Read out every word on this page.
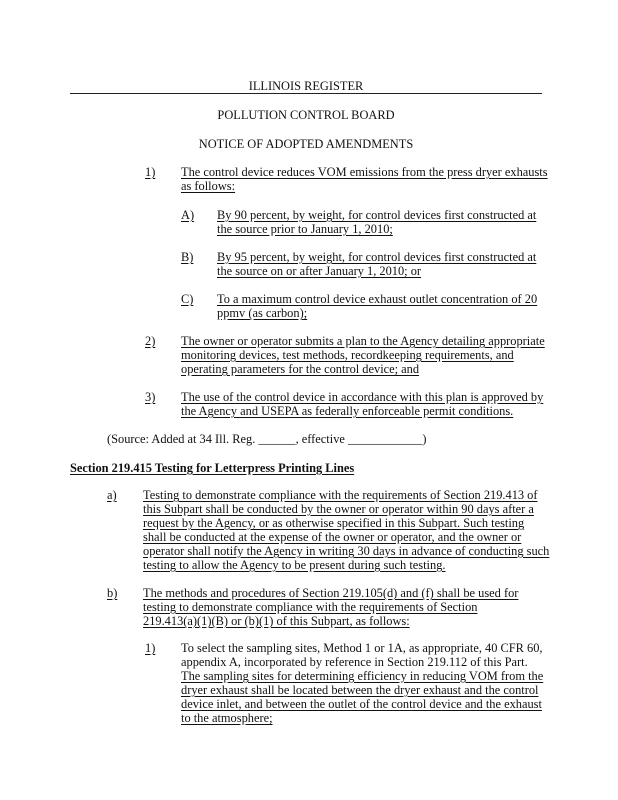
ILLINOIS REGISTER
POLLUTION CONTROL BOARD
NOTICE OF ADOPTED AMENDMENTS
1) The control device reduces VOM emissions from the press dryer exhausts
as follows:
A) By 90 percent, by weight, for control devices first constructed at
the source prior to January 1, 2010;
B) By 95 percent, by weight, for control devices first constructed at
the source on or after January 1, 2010; or
C) To a maximum control device exhaust outlet concentration of 20
ppmv (as carbon);
2) The owner or operator submits a plan to the Agency detailing appropriate
monitoring devices, test methods, recordkeeping requirements, and
operating parameters for the control device; and
3) The use of the control device in accordance with this plan is approved by
the Agency and USEPA as federally enforceable permit conditions.
(Source: Added at 34 Ill. Reg. ______, effective ____________)
Section 219.415 Testing for Letterpress Printing Lines
a) Testing to demonstrate compliance with the requirements of Section 219.413 of
this Subpart shall be conducted by the owner or operator within 90 days after a
request by the Agency, or as otherwise specified in this Subpart. Such testing
shall be conducted at the expense of the owner or operator, and the owner or
operator shall notify the Agency in writing 30 days in advance of conducting such
testing to allow the Agency to be present during such testing.
b) The methods and procedures of Section 219.105(d) and (f) shall be used for
testing to demonstrate compliance with the requirements of Section
219.413(a)(1)(B) or (b)(1) of this Subpart, as follows:
1) To select the sampling sites, Method 1 or 1A, as appropriate, 40 CFR 60,
appendix A, incorporated by reference in Section 219.112 of this Part.
The sampling sites for determining efficiency in reducing VOM from the
dryer exhaust shall be located between the dryer exhaust and the control
device inlet, and between the outlet of the control device and the exhaust
to the atmosphere;
